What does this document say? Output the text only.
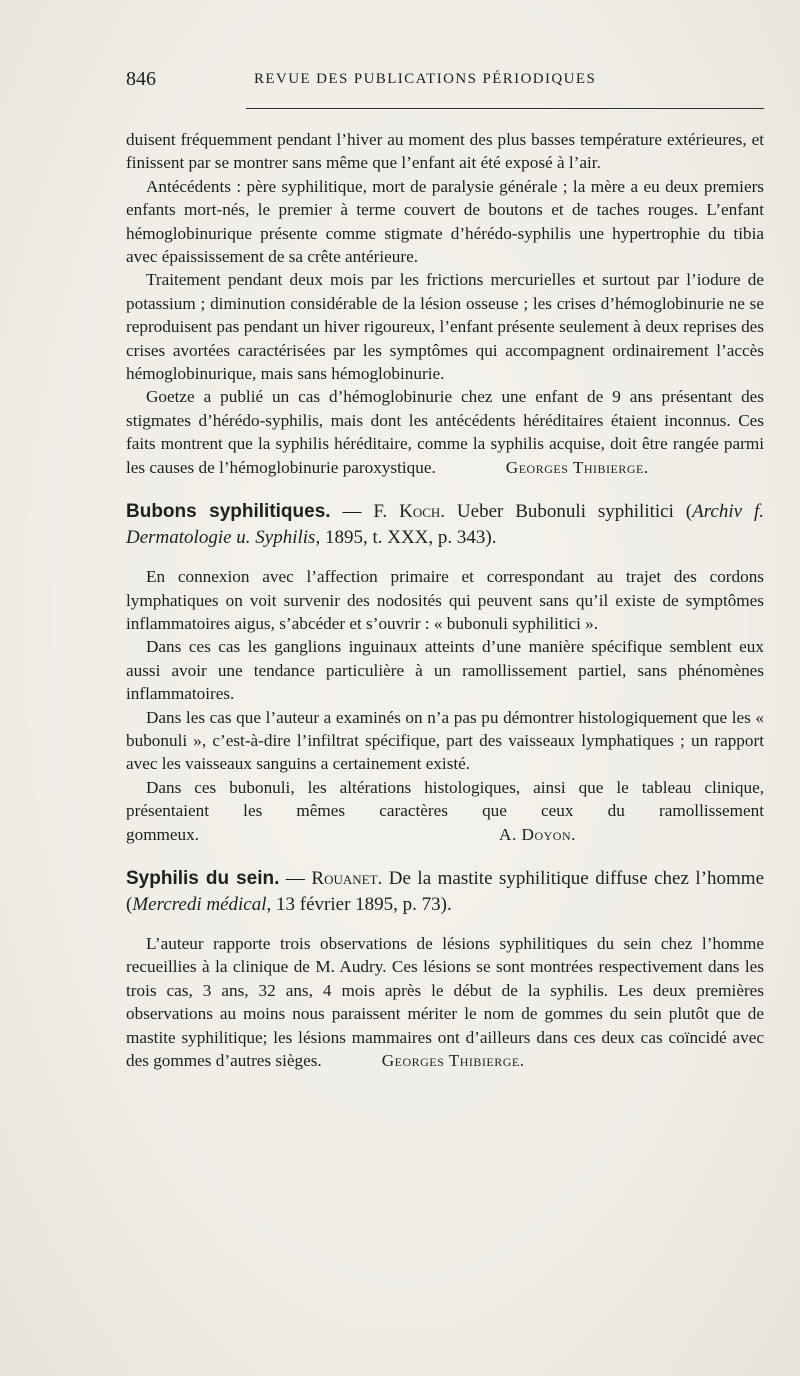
846	REVUE DES PUBLICATIONS PÉRIODIQUES

duisent fréquemment pendant l’hiver au moment des plus basses température extérieures, et finissent par se montrer sans même que l’enfant ait été exposé à l’air.

Antécédents : père syphilitique, mort de paralysie générale ; la mère a eu deux premiers enfants mort-nés, le premier à terme couvert de boutons et de taches rouges. L’enfant hémoglobinurique présente comme stigmate d’hérédo-syphilis une hypertrophie du tibia avec épaississement de sa crête antérieure.

Traitement pendant deux mois par les frictions mercurielles et surtout par l’iodure de potassium ; diminution considérable de la lésion osseuse ; les crises d’hémoglobinurie ne se reproduisent pas pendant un hiver rigoureux, l’enfant présente seulement à deux reprises des crises avortées caractérisées par les symptômes qui accompagnent ordinairement l’accès hémoglobinurique, mais sans hémoglobinurie.

Goetze a publié un cas d’hémoglobinurie chez une enfant de 9 ans présentant des stigmates d’hérédo-syphilis, mais dont les antécédents héréditaires étaient inconnus. Ces faits montrent que la syphilis héréditaire, comme la syphilis acquise, doit être rangée parmi les causes de l’hémoglobinurie paroxystique.	Georges Thibierge.

Bubons syphilitiques. — F. Koch. Ueber Bubonuli syphilitici (Archiv f. Dermatologie u. Syphilis, 1895, t. XXX, p. 343).

En connexion avec l’affection primaire et correspondant au trajet des cordons lymphatiques on voit survenir des nodosités qui peuvent sans qu’il existe de symptômes inflammatoires aigus, s’abcéder et s’ouvrir : « bubonuli syphilitici ».

Dans ces cas les ganglions inguinaux atteints d’une manière spécifique semblent eux aussi avoir une tendance particulière à un ramollissement partiel, sans phénomènes inflammatoires.

Dans les cas que l’auteur a examinés on n’a pas pu démontrer histologiquement que les « bubonuli », c’est-à-dire l’infiltrat spécifique, part des vaisseaux lymphatiques ; un rapport avec les vaisseaux sanguins a certainement existé.

Dans ces bubonuli, les altérations histologiques, ainsi que le tableau clinique, présentaient les mêmes caractères que ceux du ramollissement gommeux.	A. Doyon.

Syphilis du sein. — Rouanet. De la mastite syphilitique diffuse chez l’homme (Mercredi médical, 13 février 1895, p. 73).

L’auteur rapporte trois observations de lésions syphilitiques du sein chez l’homme recueillies à la clinique de M. Audry. Ces lésions se sont montrées respectivement dans les trois cas, 3 ans, 32 ans, 4 mois après le début de la syphilis. Les deux premières observations au moins nous paraissent mériter le nom de gommes du sein plutôt que de mastite syphilitique; les lésions mammaires ont d’ailleurs dans ces deux cas coïncidé avec des gommes d’autres sièges.	Georges Thibierge.
